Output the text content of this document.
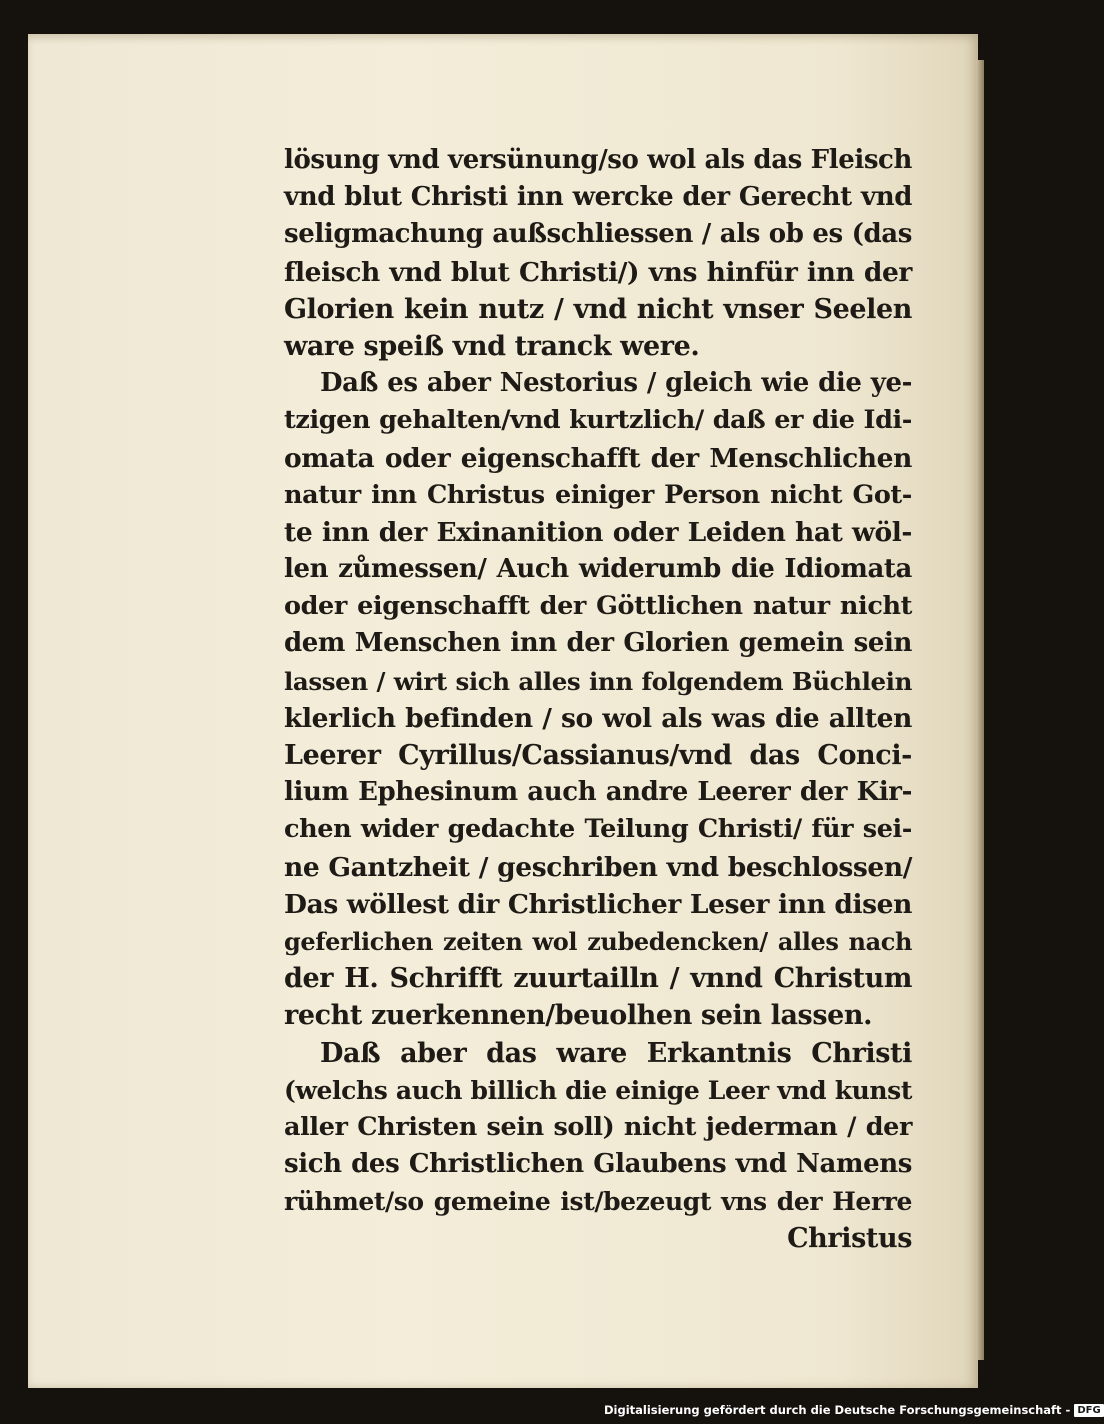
lösung vnd versünung/so wol als das Fleisch
vnd blut Christi inn wercke der Gerecht vnd
seligmachung außschliessen / als ob es (das
fleisch vnd blut Christi/) vns hinfür inn der
Glorien kein nutz / vnd nicht vnser Seelen
ware speiß vnd tranck were.
Daß es aber Nestorius / gleich wie die ye-
tzigen gehalten/vnd kurtzlich/ daß er die Idi-
omata oder eigenschafft der Menschlichen
natur inn Christus einiger Person nicht Got-
te inn der Exinanition oder Leiden hat wöl-
len zůmessen/ Auch widerumb die Idiomata
oder eigenschafft der Göttlichen natur nicht
dem Menschen inn der Glorien gemein sein
lassen / wirt sich alles inn folgendem Büchlein
klerlich befinden / so wol als was die allten
Leerer Cyrillus/Cassianus/vnd das Conci-
lium Ephesinum auch andre Leerer der Kir-
chen wider gedachte Teilung Christi/ für sei-
ne Gantzheit / geschriben vnd beschlossen/
Das wöllest dir Christlicher Leser inn disen
geferlichen zeiten wol zubedencken/ alles nach
der H. Schrifft zuurtailln / vnnd Christum
recht zuerkennen/beuolhen sein lassen.
Daß aber das ware Erkantnis Christi
(welchs auch billich die einige Leer vnd kunst
aller Christen sein soll) nicht jederman / der
sich des Christlichen Glaubens vnd Namens
rühmet/so gemeine ist/bezeugt vns der Herre
Christus
Digitalisierung gefördert durch die Deutsche Forschungsgemeinschaft - DFG
